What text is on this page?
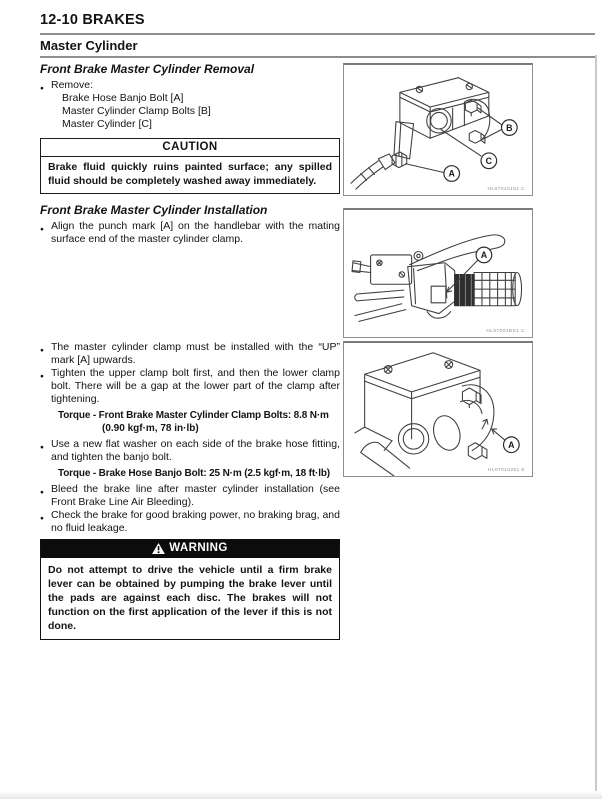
12-10 BRAKES
Master Cylinder
Front Brake Master Cylinder Removal
● Remove:
Brake Hose Banjo Bolt [A]
Master Cylinder Clamp Bolts [B]
Master Cylinder [C]
CAUTION
Brake fluid quickly ruins painted surface; any spilled fluid should be completely washed away immediately.
Front Brake Master Cylinder Installation
● Align the punch mark [A] on the handlebar with the mating surface end of the master cylinder clamp.
● The master cylinder clamp must be installed with the “UP” mark [A] upwards.
● Tighten the upper clamp bolt first, and then the lower clamp bolt. There will be a gap at the lower part of the clamp after tightening.
Torque - Front Brake Master Cylinder Clamp Bolts: 8.8 N·m
(0.90 kgf·m, 78 in·lb)
● Use a new flat washer on each side of the brake hose fitting, and tighten the banjo bolt.
Torque - Brake Hose Banjo Bolt: 25 N·m (2.5 kgf·m, 18 ft·lb)
● Bleed the brake line after master cylinder installation (see Front Brake Line Air Bleeding).
● Check the brake for good braking power, no braking brag, and no fluid leakage.
WARNING
Do not attempt to drive the vehicle until a firm brake lever can be obtained by pumping the brake lever until the pads are against each disc. The brakes will not function on the first application of the lever if this is not done.
B
C
A
HL07010151 C
A
HL07001BS1 C
A
HL07010251 E
